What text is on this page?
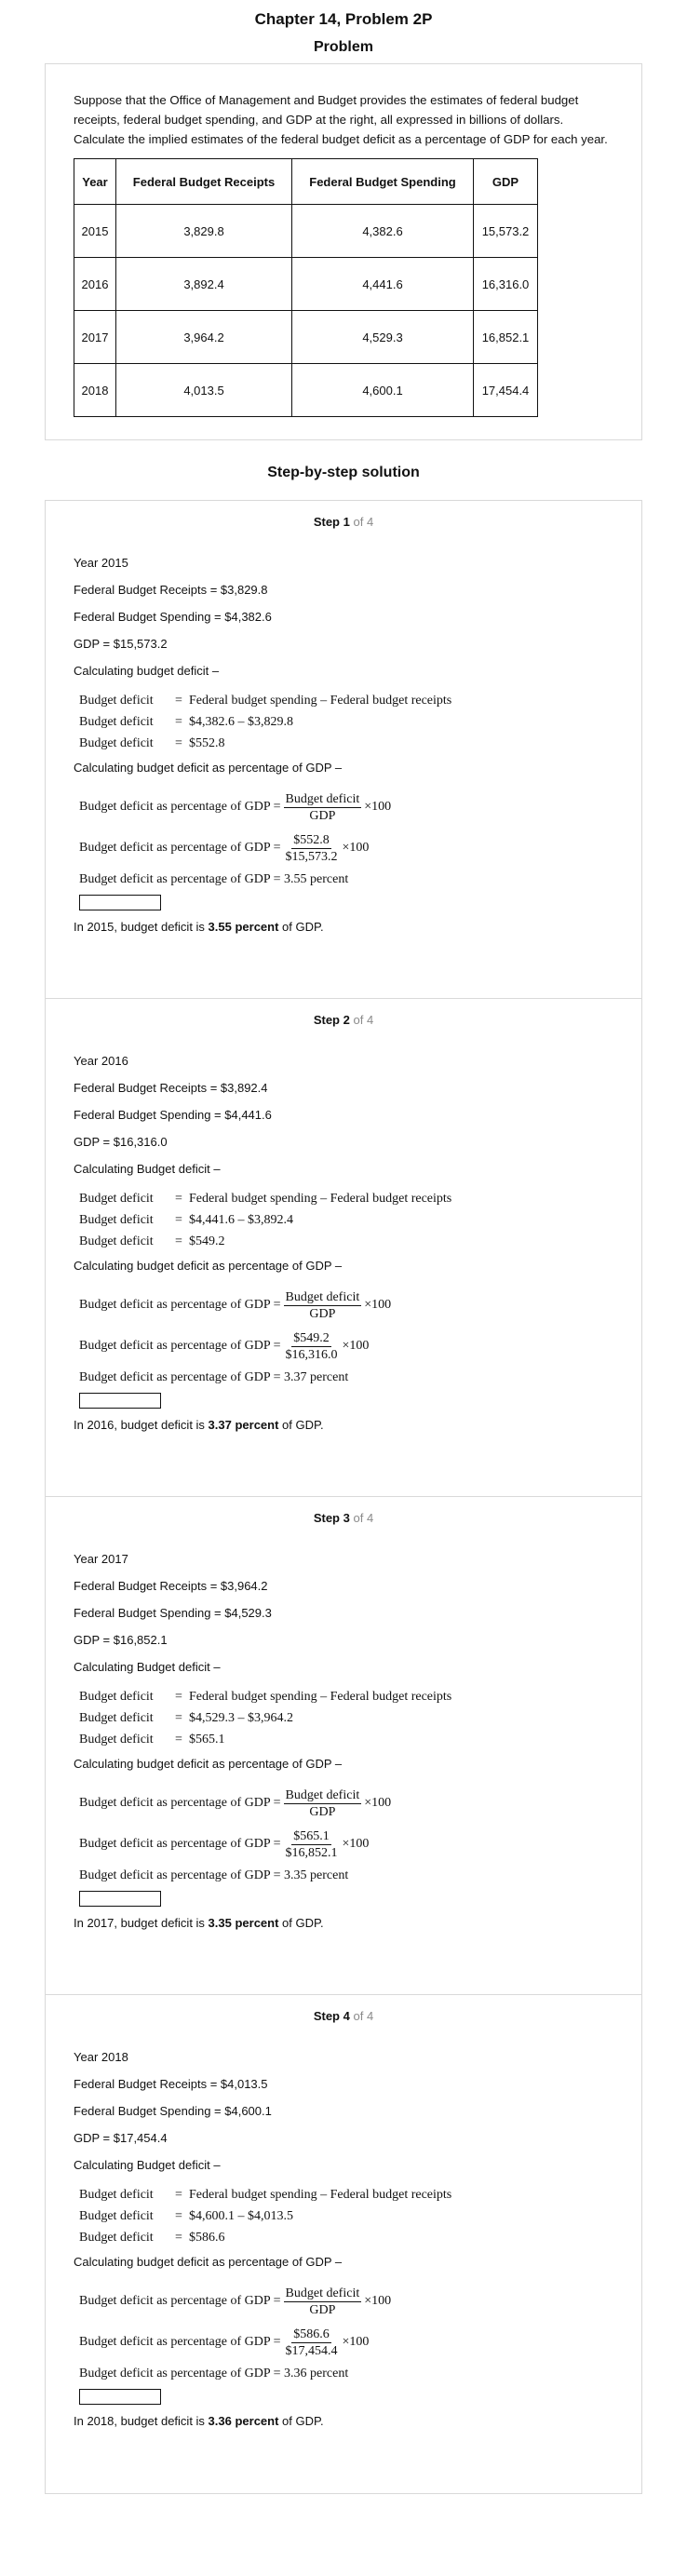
Chapter 14, Problem 2P
Problem

Suppose that the Office of Management and Budget provides the estimates of federal budget receipts, federal budget spending, and GDP at the right, all expressed in billions of dollars. Calculate the implied estimates of the federal budget deficit as a percentage of GDP for each year.

Year	Federal Budget Receipts	Federal Budget Spending	GDP
2015	3,829.8	4,382.6	15,573.2
2016	3,892.4	4,441.6	16,316.0
2017	3,964.2	4,529.3	16,852.1
2018	4,013.5	4,600.1	17,454.4
Step-by-step solution
Step 1 of 4
Year 2015
Federal Budget Receipts = $3,829.8
Federal Budget Spending = $4,382.6
GDP = $15,573.2
Calculating budget deficit –
Budget deficit	= Federal budget spending – Federal budget receipts
Budget deficit	= $4,382.6 – $3,829.8
Budget deficit	= $552.8
Calculating budget deficit as percentage of GDP –
Budget deficit as percentage of GDP = $\frac{\text{Budget deficit}}{\text{GDP}} \times 100$
Budget deficit as percentage of GDP = $\frac{\$552.8}{\$15,573.2} \times 100$
Budget deficit as percentage of GDP = 3.55 percent
In 2015, budget deficit is 3.55 percent of GDP.
Step 2 of 4
Year 2016
Federal Budget Receipts = $3,892.4
Federal Budget Spending = $4,441.6
GDP = $16,316.0
Calculating Budget deficit –
Budget deficit	= Federal budget spending – Federal budget receipts
Budget deficit	= $4,441.6 – $3,892.4
Budget deficit	= $549.2
Calculating budget deficit as percentage of GDP –
Budget deficit as percentage of GDP = $\frac{\text{Budget deficit}}{\text{GDP}} \times 100$
Budget deficit as percentage of GDP = $\frac{\$549.2}{\$16,316.0} \times 100$
Budget deficit as percentage of GDP = 3.37 percent
In 2016, budget deficit is 3.37 percent of GDP.
Step 3 of 4
Year 2017
Federal Budget Receipts = $3,964.2
Federal Budget Spending = $4,529.3
GDP = $16,852.1
Calculating Budget deficit –
Budget deficit	= Federal budget spending – Federal budget receipts
Budget deficit	= $4,529.3 – $3,964.2
Budget deficit	= $565.1
Calculating budget deficit as percentage of GDP –
Budget deficit as percentage of GDP = $\frac{\text{Budget deficit}}{\text{GDP}} \times 100$
Budget deficit as percentage of GDP = $\frac{\$565.1}{\$16,852.1} \times 100$
Budget deficit as percentage of GDP = 3.35 percent
In 2017, budget deficit is 3.35 percent of GDP.
Step 4 of 4
Year 2018
Federal Budget Receipts = $4,013.5
Federal Budget Spending = $4,600.1
GDP = $17,454.4
Calculating Budget deficit –
Budget deficit	= Federal budget spending – Federal budget receipts
Budget deficit	= $4,600.1 – $4,013.5
Budget deficit	= $586.6
Calculating budget deficit as percentage of GDP –
Budget deficit as percentage of GDP = $\frac{\text{Budget deficit}}{\text{GDP}} \times 100$
Budget deficit as percentage of GDP = $\frac{\$586.6}{\$17,454.4} \times 100$
Budget deficit as percentage of GDP = 3.36 percent
In 2018, budget deficit is 3.36 percent of GDP.
